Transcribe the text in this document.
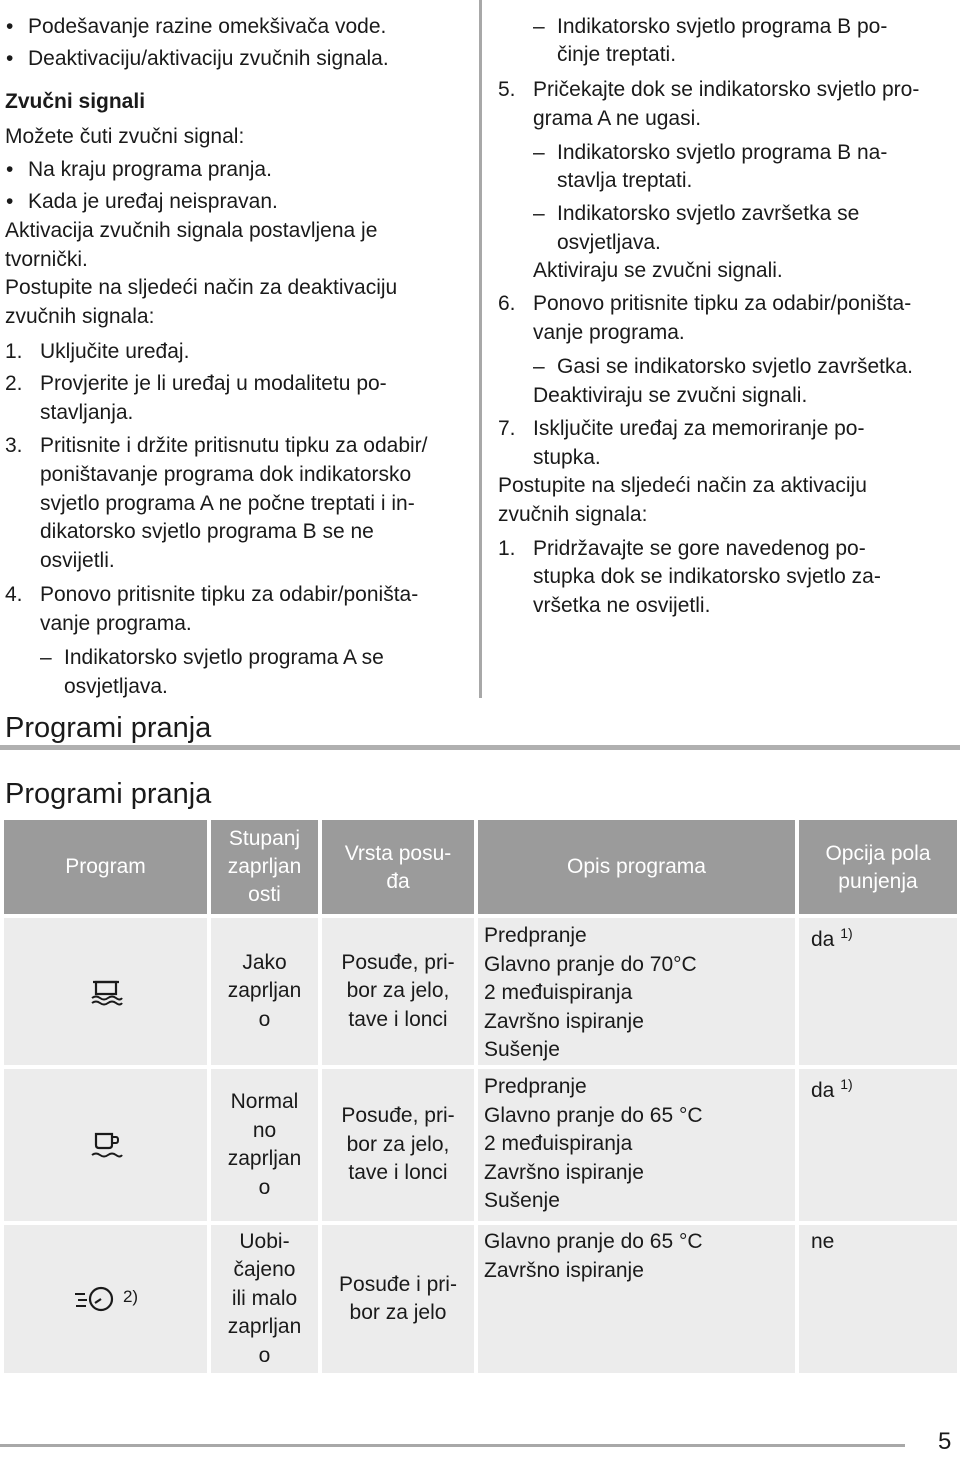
• Podešavanje razine omekšivača vode.
• Deaktivaciju/aktivaciju zvučnih signala.
Zvučni signali
Možete čuti zvučni signal:
• Na kraju programa pranja.
• Kada je uređaj neispravan.
Aktivacija zvučnih signala postavljena je
tvornički.
Postupite na sljedeći način za deaktivaciju
zvučnih signala:
1. Uključite uređaj.
2. Provjerite je li uređaj u modalitetu po-
stavljanja.
3. Pritisnite i držite pritisnutu tipku za odabir/
poništavanje programa dok indikatorsko
svjetlo programa A ne počne treptati i in-
dikatorsko svjetlo programa B se ne
osvijetli.
4. Ponovo pritisnite tipku za odabir/poništa-
vanje programa.
– Indikatorsko svjetlo programa A se
osvjetljava.
– Indikatorsko svjetlo programa B po-
činje treptati.
5. Pričekajte dok se indikatorsko svjetlo pro-
grama A ne ugasi.
– Indikatorsko svjetlo programa B na-
stavlja treptati.
– Indikatorsko svjetlo završetka se
osvjetljava.
Aktiviraju se zvučni signali.
6. Ponovo pritisnite tipku za odabir/poništa-
vanje programa.
– Gasi se indikatorsko svjetlo završetka.
Deaktiviraju se zvučni signali.
7. Isključite uređaj za memoriranje po-
stupka.
Postupite na sljedeći način za aktivaciju
zvučnih signala:
1. Pridržavajte se gore navedenog po-
stupka dok se indikatorsko svjetlo za-
vršetka ne osvijetli.
Programi pranja
Programi pranja
Program
Stupanj
zaprljan
osti
Vrsta posu-
đa
Opis programa
Opcija pola
punjenja
Jako
zaprljan
o
Posuđe, pri-
bor za jelo,
tave i lonci
Predpranje
Glavno pranje do 70°C
2 međuispiranja
Završno ispiranje
Sušenje
da $^{1)}$
Normal
no
zaprljan
o
Posuđe, pri-
bor za jelo,
tave i lonci
Predpranje
Glavno pranje do 65 °C
2 međuispiranja
Završno ispiranje
Sušenje
da $^{1)}$
2)
Uobi-
čajeno
ili malo
zaprljan
o
Posuđe i pri-
bor za jelo
Glavno pranje do 65 °C
Završno ispiranje
ne
5
